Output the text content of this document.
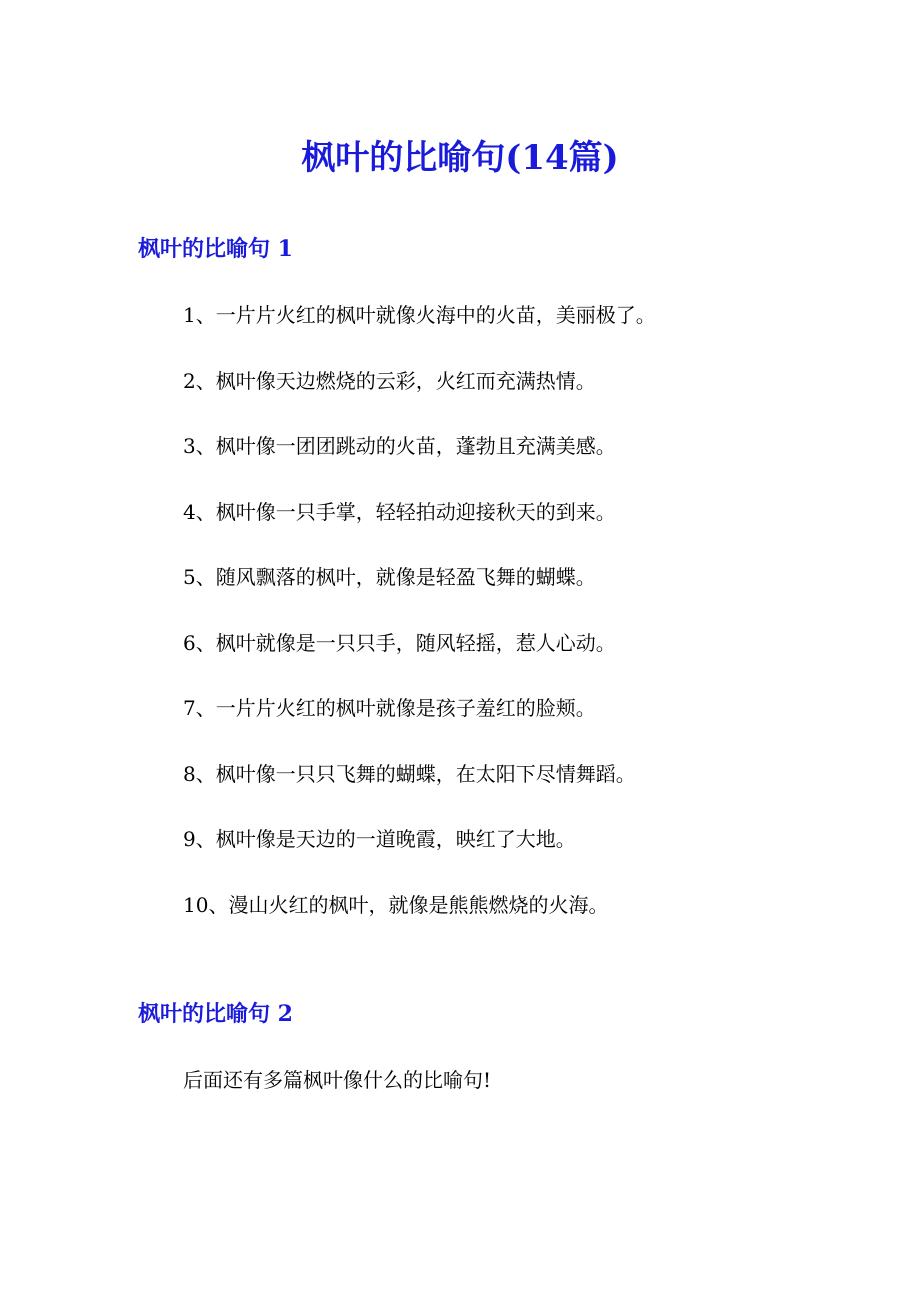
枫叶的比喻句(14篇)
枫叶的比喻句 1
1、一片片火红的枫叶就像火海中的火苗，美丽极了。
2、枫叶像天边燃烧的云彩，火红而充满热情。
3、枫叶像一团团跳动的火苗，蓬勃且充满美感。
4、枫叶像一只手掌，轻轻拍动迎接秋天的到来。
5、随风飘落的枫叶，就像是轻盈飞舞的蝴蝶。
6、枫叶就像是一只只手，随风轻摇，惹人心动。
7、一片片火红的枫叶就像是孩子羞红的脸颊。
8、枫叶像一只只飞舞的蝴蝶，在太阳下尽情舞蹈。
9、枫叶像是天边的一道晚霞，映红了大地。
10、漫山火红的枫叶，就像是熊熊燃烧的火海。
枫叶的比喻句 2
后面还有多篇枫叶像什么的比喻句!
